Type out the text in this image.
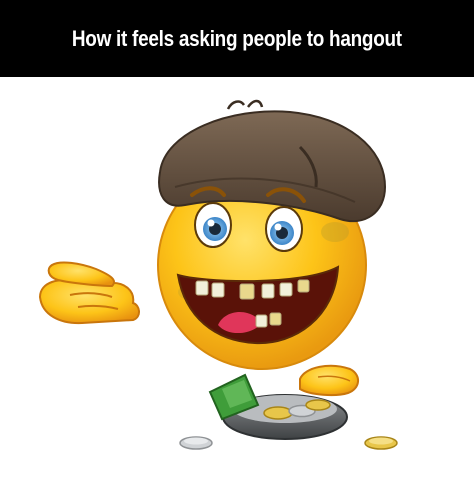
How it feels asking people to hangout
